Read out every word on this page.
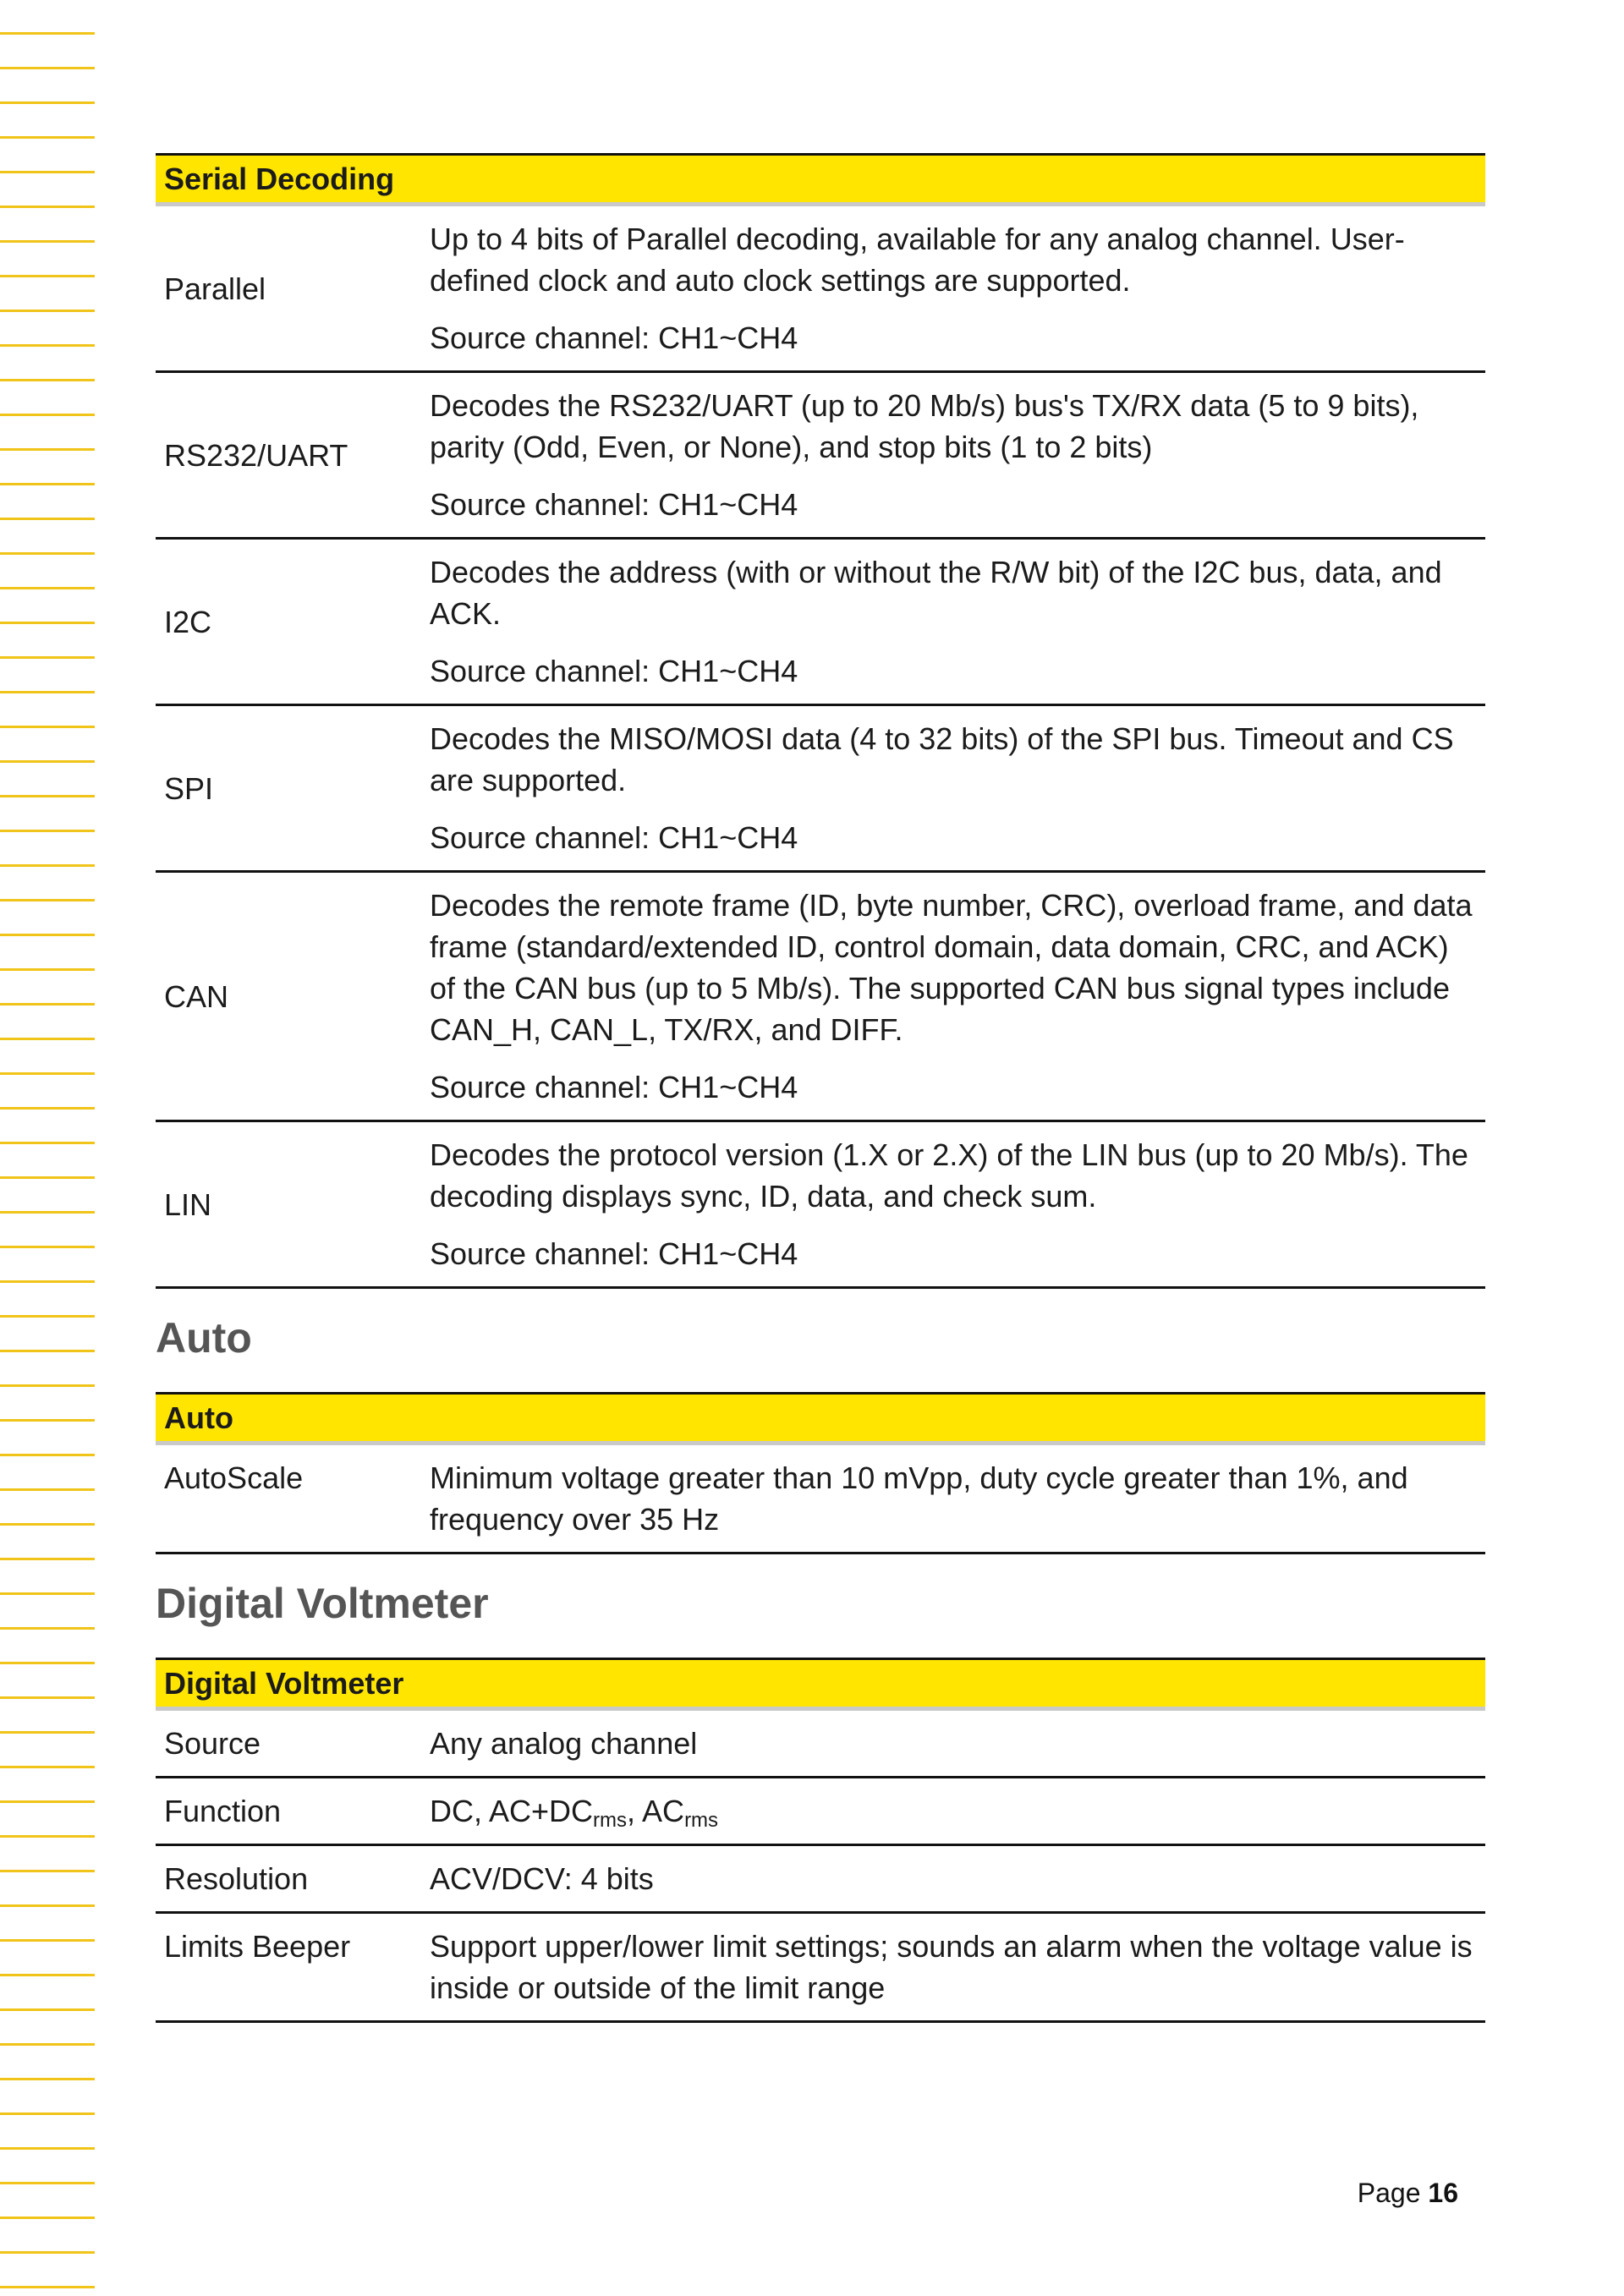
Serial Decoding	
Parallel	Up to 4 bits of Parallel decoding, available for any analog channel. User-defined clock and auto clock settings are supported.

Source channel: CH1~CH4

RS232/UART	Decodes the RS232/UART (up to 20 Mb/s) bus's TX/RX data (5 to 9 bits), parity (Odd, Even, or None), and stop bits (1 to 2 bits)

Source channel: CH1~CH4

I2C	Decodes the address (with or without the R/W bit) of the I2C bus, data, and ACK.

Source channel: CH1~CH4

SPI	Decodes the MISO/MOSI data (4 to 32 bits) of the SPI bus. Timeout and CS are supported.

Source channel: CH1~CH4

CAN	Decodes the remote frame (ID, byte number, CRC), overload frame, and data frame (standard/extended ID, control domain, data domain, CRC, and ACK) of the CAN bus (up to 5 Mb/s). The supported CAN bus signal types include CAN_H, CAN_L, TX/RX, and DIFF.

Source channel: CH1~CH4

LIN	Decodes the protocol version (1.X or 2.X) of the LIN bus (up to 20 Mb/s). The decoding displays sync, ID, data, and check sum.

Source channel: CH1~CH4

Auto
Auto
AutoScale	Minimum voltage greater than 10 mVpp, duty cycle greater than 1%, and frequency over 35 Hz

Digital Voltmeter
Digital Voltmeter	
Source	Any analog channel
Function	DC, $AC+DC_{rms}$, $AC_{rms}$
Resolution	ACV/DCV: 4 bits
Limits Beeper	Support upper/lower limit settings; sounds an alarm when the voltage value is inside or outside of the limit range
Page 16
